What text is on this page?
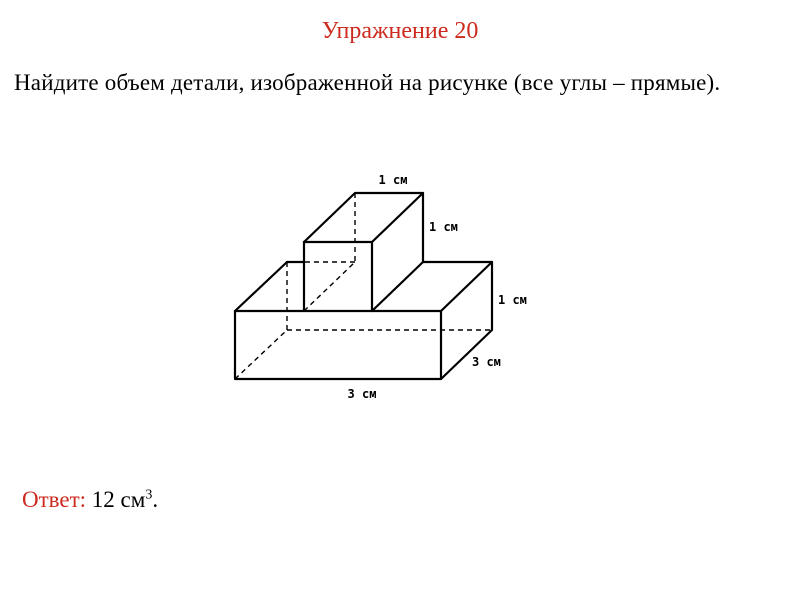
Упражнение 20

Найдите объем детали, изображенной на рисунке (все углы – прямые).

1 см
1 см
1 см
3 см
3 см
Ответ: 12 $см^3$.
